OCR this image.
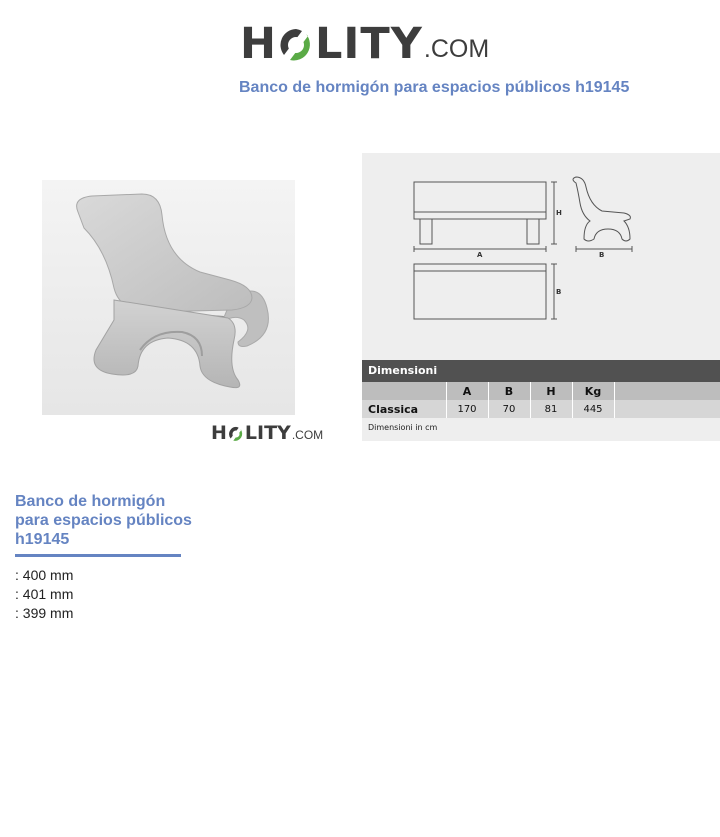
H LITY .COM
Banco de hormigón para espacios públicos h19145
H LITY .COM
A
H
B
B
Dimensioni
	A	B	H	Kg	
Classica	170	70	81	445	
Dimensioni in cm
Banco de hormigón para espacios públicos h19145
: 400 mm
: 401 mm
: 399 mm
